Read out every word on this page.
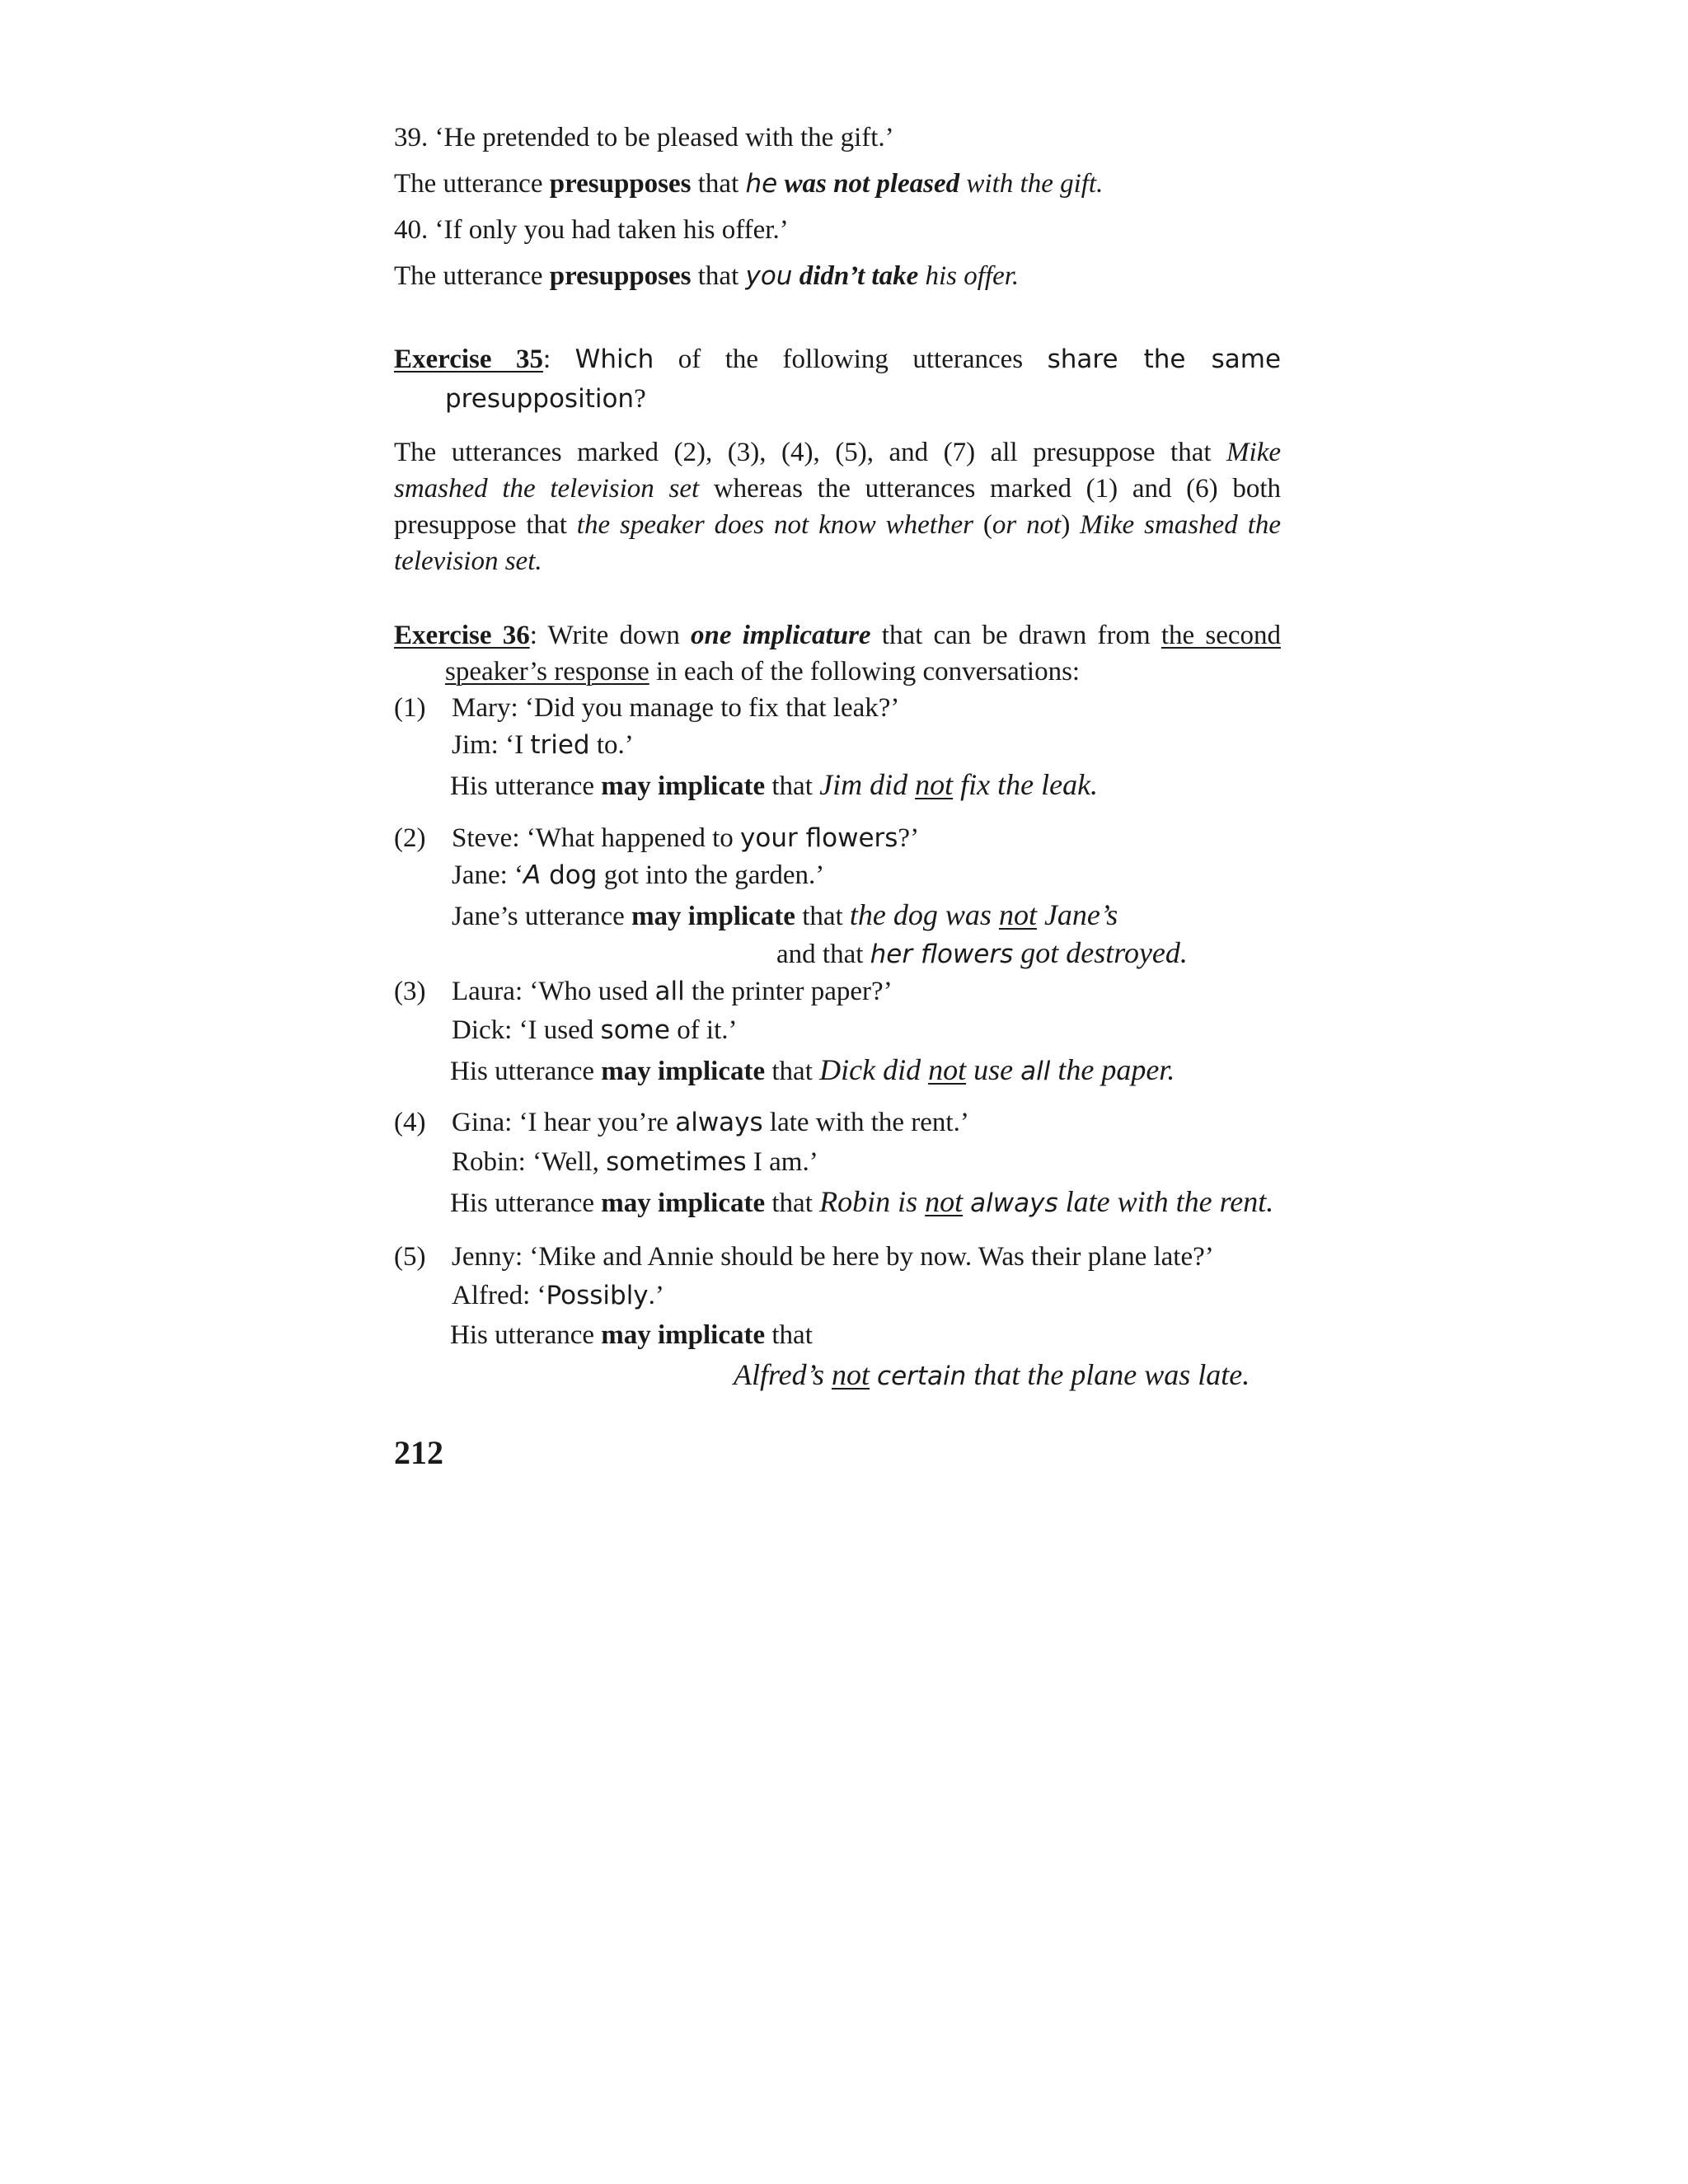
39. ‘He pretended to be pleased with the gift.’
The utterance presupposes that he was not pleased with the gift.
40. ‘If only you had taken his offer.’
The utterance presupposes that you didn’t take his offer.
Exercise 35: Which of the following utterances share the same
presupposition?
The utterances marked (2), (3), (4), (5), and (7) all presuppose that Mike
smashed the television set whereas the utterances marked (1) and (6) both
presuppose that the speaker does not know whether (or not) Mike smashed the
television set.
Exercise 36: Write down one implicature that can be drawn from the second
speaker’s response in each of the following conversations:
(1) Mary: ‘Did you manage to fix that leak?’
Jim: ‘I tried to.’
His utterance may implicate that Jim did not fix the leak.
(2) Steve: ‘What happened to your flowers?’
Jane: ‘A dog got into the garden.’
Jane’s utterance may implicate that the dog was not Jane’s
and that her flowers got destroyed.
(3) Laura: ‘Who used all the printer paper?’
Dick: ‘I used some of it.’
His utterance may implicate that Dick did not use all the paper.
(4) Gina: ‘I hear you’re always late with the rent.’
Robin: ‘Well, sometimes I am.’
His utterance may implicate that Robin is not always late with the rent.
(5) Jenny: ‘Mike and Annie should be here by now. Was their plane late?’
Alfred: ‘Possibly.’
His utterance may implicate that
Alfred’s not certain that the plane was late.
212
